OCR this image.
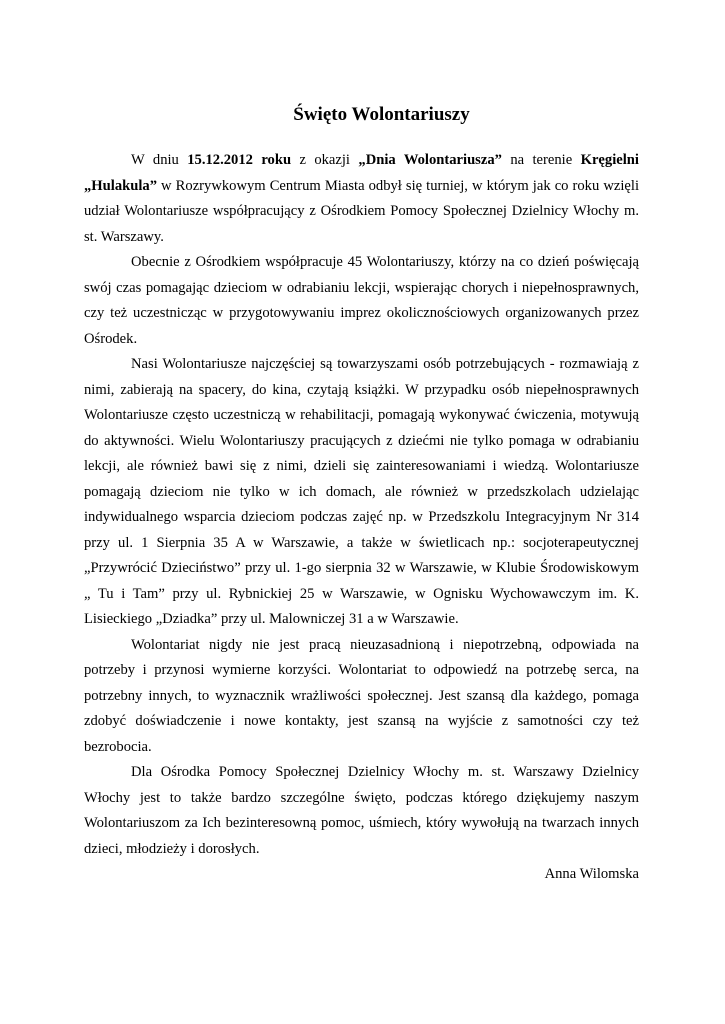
Święto Wolontariuszy

W dniu 15.12.2012 roku z okazji „Dnia Wolontariusza” na terenie Kręgielni „Hulakula” w Rozrywkowym Centrum Miasta odbył się turniej, w którym jak co roku wzięli udział Wolontariusze współpracujący z Ośrodkiem Pomocy Społecznej Dzielnicy Włochy m. st. Warszawy.

Obecnie z Ośrodkiem współpracuje 45 Wolontariuszy, którzy na co dzień poświęcają swój czas pomagając dzieciom w odrabianiu lekcji, wspierając chorych i niepełnosprawnych, czy też uczestnicząc w przygotowywaniu imprez okolicznościowych organizowanych przez Ośrodek.

Nasi Wolontariusze najczęściej są towarzyszami osób potrzebujących - rozmawiają z nimi, zabierają na spacery, do kina, czytają książki. W przypadku osób niepełnosprawnych Wolontariusze często uczestniczą w rehabilitacji, pomagają wykonywać ćwiczenia, motywują do aktywności. Wielu Wolontariuszy pracujących z dziećmi nie tylko pomaga w odrabianiu lekcji, ale również bawi się z nimi, dzieli się zainteresowaniami i wiedzą. Wolontariusze pomagają dzieciom nie tylko w ich domach, ale również w przedszkolach udzielając indywidualnego wsparcia dzieciom podczas zajęć np. w Przedszkolu Integracyjnym Nr 314 przy ul. 1 Sierpnia 35 A w Warszawie, a także w świetlicach np.: socjoterapeutycznej „Przywrócić Dzieciństwo” przy ul. 1-go sierpnia 32 w Warszawie, w Klubie Środowiskowym „ Tu i Tam” przy ul. Rybnickiej 25 w Warszawie, w Ognisku Wychowawczym im. K. Lisieckiego „Dziadka” przy ul. Malowniczej 31 a w Warszawie.

Wolontariat nigdy nie jest pracą nieuzasadnioną i niepotrzebną, odpowiada na potrzeby i przynosi wymierne korzyści. Wolontariat to odpowiedź na potrzebę serca, na potrzebny innych, to wyznacznik wrażliwości społecznej. Jest szansą dla każdego, pomaga zdobyć doświadczenie i nowe kontakty, jest szansą na wyjście z samotności czy też bezrobocia.

Dla Ośrodka Pomocy Społecznej Dzielnicy Włochy m. st. Warszawy Dzielnicy Włochy jest to także bardzo szczególne święto, podczas którego dziękujemy naszym Wolontariuszom za Ich bezinteresowną pomoc, uśmiech, który wywołują na twarzach innych dzieci, młodzieży i dorosłych.

Anna Wilomska
